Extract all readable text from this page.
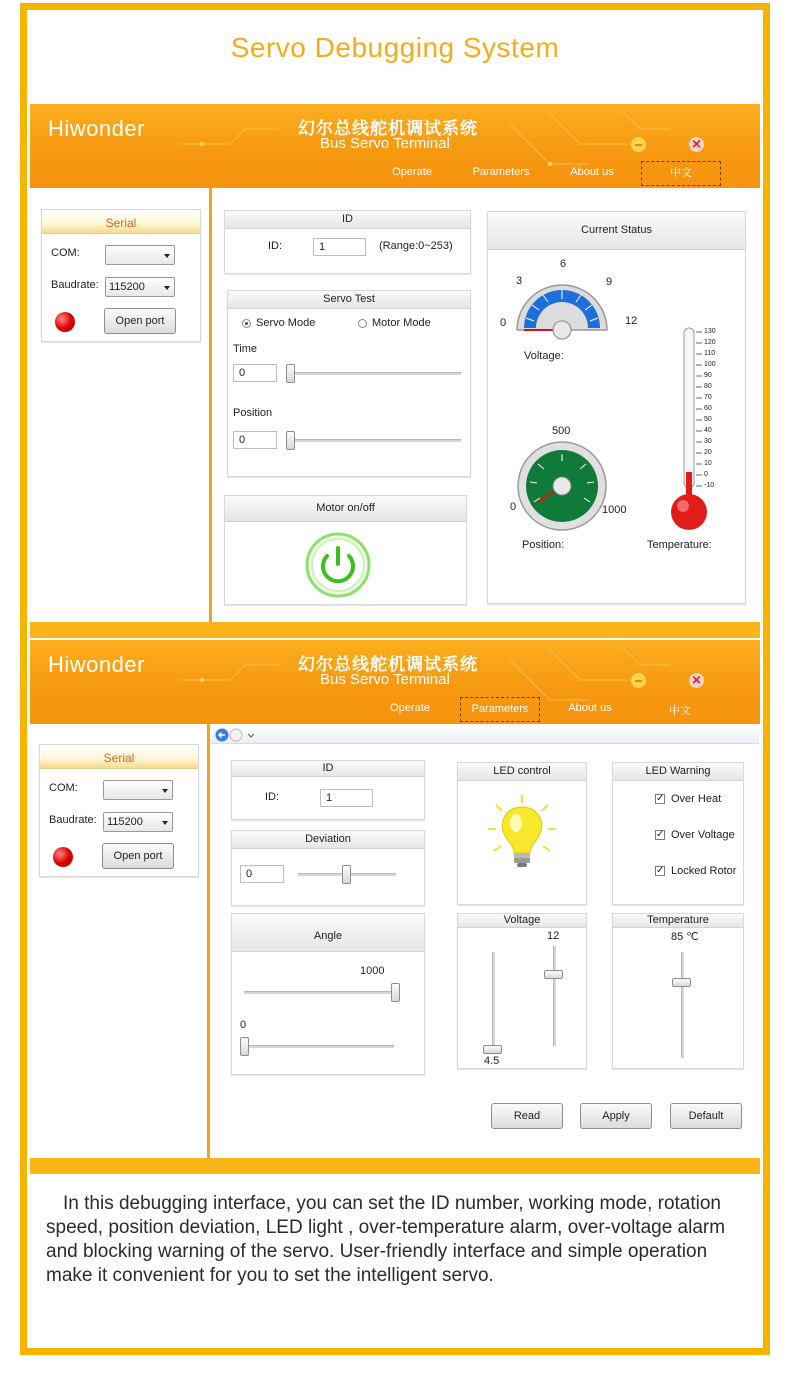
Servo Debugging System
Hiwonder	幻尔总线舵机调试系统
Bus Servo Terminal	×
Operate	Parameters	About us	中文
Serial
COM:
Baudrate: 115200
Open port
ID
ID:	1	(Range:0~253)
Servo Test
Servo Mode	Motor Mode
Time
0
Position
0
Motor on/off
Current Status
0
3
6
9
12
Voltage:
500
0	1000
Position:
130
120
110
100
90
80
70
60
50
40
30
20
10
0
-10
Temperature:
Hiwonder	幻尔总线舵机调试系统
Bus Servo Terminal	×
Operate	Parameters	About us	中文
Serial
COM:
Baudrate: 115200
Open port
ID
ID:	1
Deviation
0
Angle
1000
0
LED control	LED Warning
✓ Over Heat
✓ Over Voltage
✓ Locked Rotor
Voltage
12
4.5
Temperature
85 ℃
Read	Apply	Default
In this debugging interface, you can set the ID number, working mode, rotation
speed, position deviation, LED light , over-temperature alarm, over-voltage alarm
and blocking warning of the servo. User-friendly interface and simple operation
make it convenient for you to set the intelligent servo.
